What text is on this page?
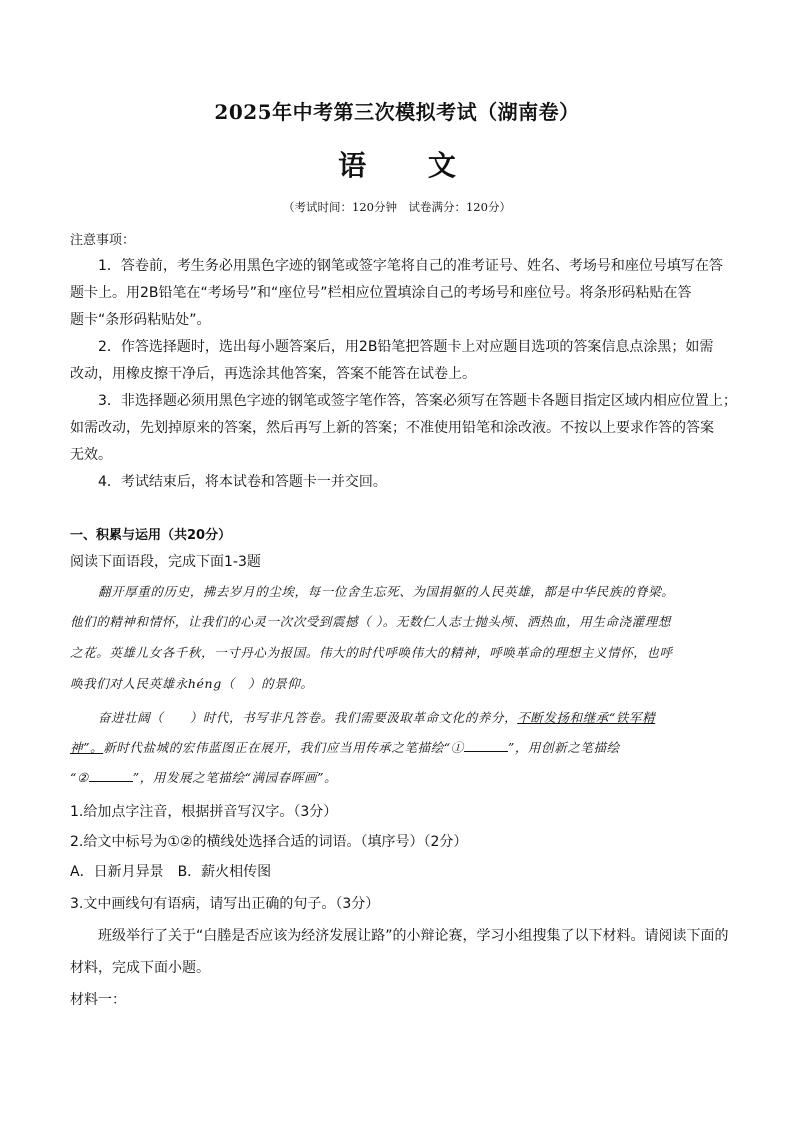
2025年中考第三次模拟考试（湖南卷）
语 文
（考试时间：120分钟　试卷满分：120分）
注意事项：
1．答卷前，考生务必用黑色字迹的钢笔或签字笔将自己的准考证号、姓名、考场号和座位号填写在答
题卡上。用2B铅笔在“考场号”和“座位号”栏相应位置填涂自己的考场号和座位号。将条形码粘贴在答
题卡“条形码粘贴处”。
2．作答选择题时，选出每小题答案后，用2B铅笔把答题卡上对应题目选项的答案信息点涂黑；如需
改动，用橡皮擦干净后，再选涂其他答案，答案不能答在试卷上。
3．非选择题必须用黑色字迹的钢笔或签字笔作答，答案必须写在答题卡各题目指定区域内相应位置上；
如需改动，先划掉原来的答案，然后再写上新的答案；不准使用铅笔和涂改液。不按以上要求作答的答案
无效。
4．考试结束后，将本试卷和答题卡一并交回。
一、积累与运用（共20分）
阅读下面语段，完成下面1-3题
翻开厚重的历史，拂去岁月的尘埃，每一位舍生忘死、为国捐躯的人民英雄，都是中华民族的脊梁。
他们的精神和情怀，让我们的心灵一次次受到震撼（ ）。无数仁人志士抛头颅、洒热血，用生命浇灌理想
之花。英雄儿女各千秋，一寸丹心为报国。伟大的时代呼唤伟大的精神，呼唤革命的理想主义情怀，也呼
唤我们对人民英雄永héng（　）的景仰。
奋进壮阔（　　）时代，书写非凡答卷。我们需要汲取革命文化的养分，不断发扬和继承“铁军精
神”。新时代盐城的宏伟蓝图正在展开，我们应当用传承之笔描绘“①	”，用创新之笔描绘
“②	”，用发展之笔描绘“满园春晖画”。
1.给加点字注音，根据拼音写汉字。（3分）
2.给文中标号为①②的横线处选择合适的词语。（填序号）（2分）
A．日新月异景　B．薪火相传图
3.文中画线句有语病，请写出正确的句子。（3分）
班级举行了关于“白塍是否应该为经济发展让路”的小辩论赛，学习小组搜集了以下材料。请阅读下面的
材料，完成下面小题。
材料一：
